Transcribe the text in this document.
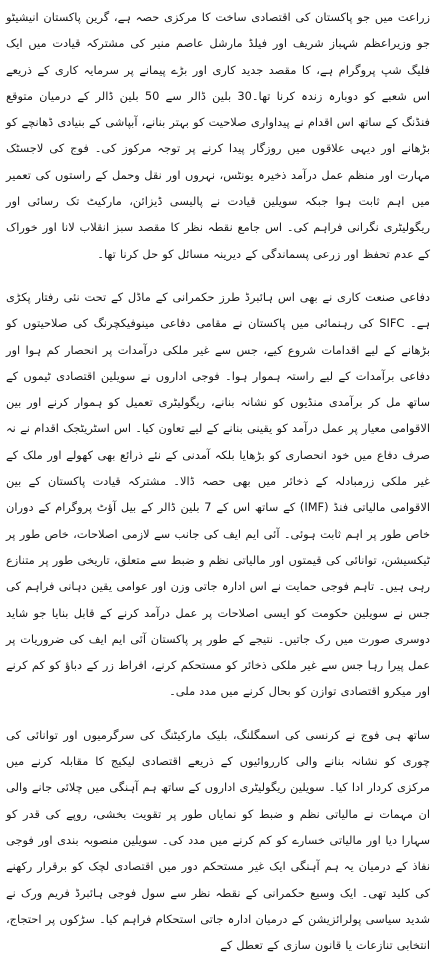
زراعت میں جو پاکستان کی اقتصادی ساخت کا مرکزی حصہ ہے، گرین پاکستان انیشیٹو جو وزیراعظم شہباز شریف اور فیلڈ مارشل عاصم منیر کی مشترکہ قیادت میں ایک فلیگ شپ پروگرام ہے، کا مقصد جدید کاری اور بڑے پیمانے پر سرمایہ کاری کے ذریعے اس شعبے کو دوبارہ زندہ کرنا تھا۔30 بلین ڈالر سے 50 بلین ڈالر کے درمیان متوقع فنڈنگ کے ساتھ اس اقدام نے پیداواری صلاحیت کو بہتر بنانے، آبپاشی کے بنیادی ڈھانچے کو بڑھانے اور دیہی علاقوں میں روزگار پیدا کرنے پر توجہ مرکوز کی۔ فوج کی لاجسٹک مہارت اور منظم عمل درآمد ذخیرہ یونٹس، نہروں اور نقل وحمل کے راستوں کی تعمیر میں اہم ثابت ہوا جبکہ سویلین قیادت نے پالیسی ڈیزائن، مارکیٹ تک رسائی اور ریگولیٹری نگرانی فراہم کی۔ اس جامع نقطہ نظر کا مقصد سبز انقلاب لانا اور خوراک کے عدم تحفظ اور زرعی پسماندگی کے دیرینہ مسائل کو حل کرنا تھا۔

دفاعی صنعت کاری نے بھی اس ہائبرڈ طرز حکمرانی کے ماڈل کے تحت نئی رفتار پکڑی ہے۔ SIFC کی رہنمائی میں پاکستان نے مقامی دفاعی مینوفیکچرنگ کی صلاحیتوں کو بڑھانے کے لیے اقدامات شروع کیے، جس سے غیر ملکی درآمدات پر انحصار کم ہوا اور دفاعی برآمدات کے لیے راستہ ہموار ہوا۔ فوجی اداروں نے سویلین اقتصادی ٹیموں کے ساتھ مل کر برآمدی منڈیوں کو نشانہ بنانے، ریگولیٹری تعمیل کو ہموار کرنے اور بین الاقوامی معیار پر عمل درآمد کو یقینی بنانے کے لیے تعاون کیا۔ اس اسٹریٹجک اقدام نے نہ صرف دفاع میں خود انحصاری کو بڑھایا بلکہ آمدنی کے نئے ذرائع بھی کھولے اور ملک کے غیر ملکی زرمبادلہ کے ذخائر میں بھی حصہ ڈالا۔ مشترکہ قیادت پاکستان کے بین الاقوامی مالیاتی فنڈ (IMF) کے ساتھ اس کے 7 بلین ڈالر کے بیل آؤٹ پروگرام کے دوران خاص طور پر اہم ثابت ہوئی۔ آئی ایم ایف کی جانب سے لازمی اصلاحات، خاص طور پر ٹیکسیشن، توانائی کی قیمتوں اور مالیاتی نظم و ضبط سے متعلق، تاریخی طور پر متنازع رہی ہیں۔ تاہم فوجی حمایت نے اس ادارہ جاتی وزن اور عوامی یقین دہانی فراہم کی جس نے سویلین حکومت کو ایسی اصلاحات پر عمل درآمد کرنے کے قابل بنایا جو شاید دوسری صورت میں رک جاتیں۔ نتیجے کے طور پر پاکستان آئی ایم ایف کی ضروریات پر عمل پیرا رہا جس سے غیر ملکی ذخائر کو مستحکم کرنے، افراط زر کے دباؤ کو کم کرنے اور میکرو اقتصادی توازن کو بحال کرنے میں مدد ملی۔

ساتھ ہی فوج نے کرنسی کی اسمگلنگ، بلیک مارکیٹنگ کی سرگرمیوں اور توانائی کی چوری کو نشانہ بنانے والی کارروائیوں کے ذریعے اقتصادی لیکیج کا مقابلہ کرنے میں مرکزی کردار ادا کیا۔ سویلین ریگولیٹری اداروں کے ساتھ ہم آہنگی میں چلائی جانے والی ان مہمات نے مالیاتی نظم و ضبط کو نمایاں طور پر تقویت بخشی، روپے کی قدر کو سہارا دیا اور مالیاتی خسارے کو کم کرنے میں مدد کی۔ سویلین منصوبہ بندی اور فوجی نفاذ کے درمیان یہ ہم آہنگی ایک غیر مستحکم دور میں اقتصادی لچک کو برقرار رکھنے کی کلید تھی۔ ایک وسیع حکمرانی کے نقطہ نظر سے سول فوجی ہائبرڈ فریم ورک نے شدید سیاسی پولرائزیشن کے درمیان ادارہ جاتی استحکام فراہم کیا۔ سڑکوں پر احتجاج، انتخابی تنازعات یا قانون سازی کے تعطل کے
